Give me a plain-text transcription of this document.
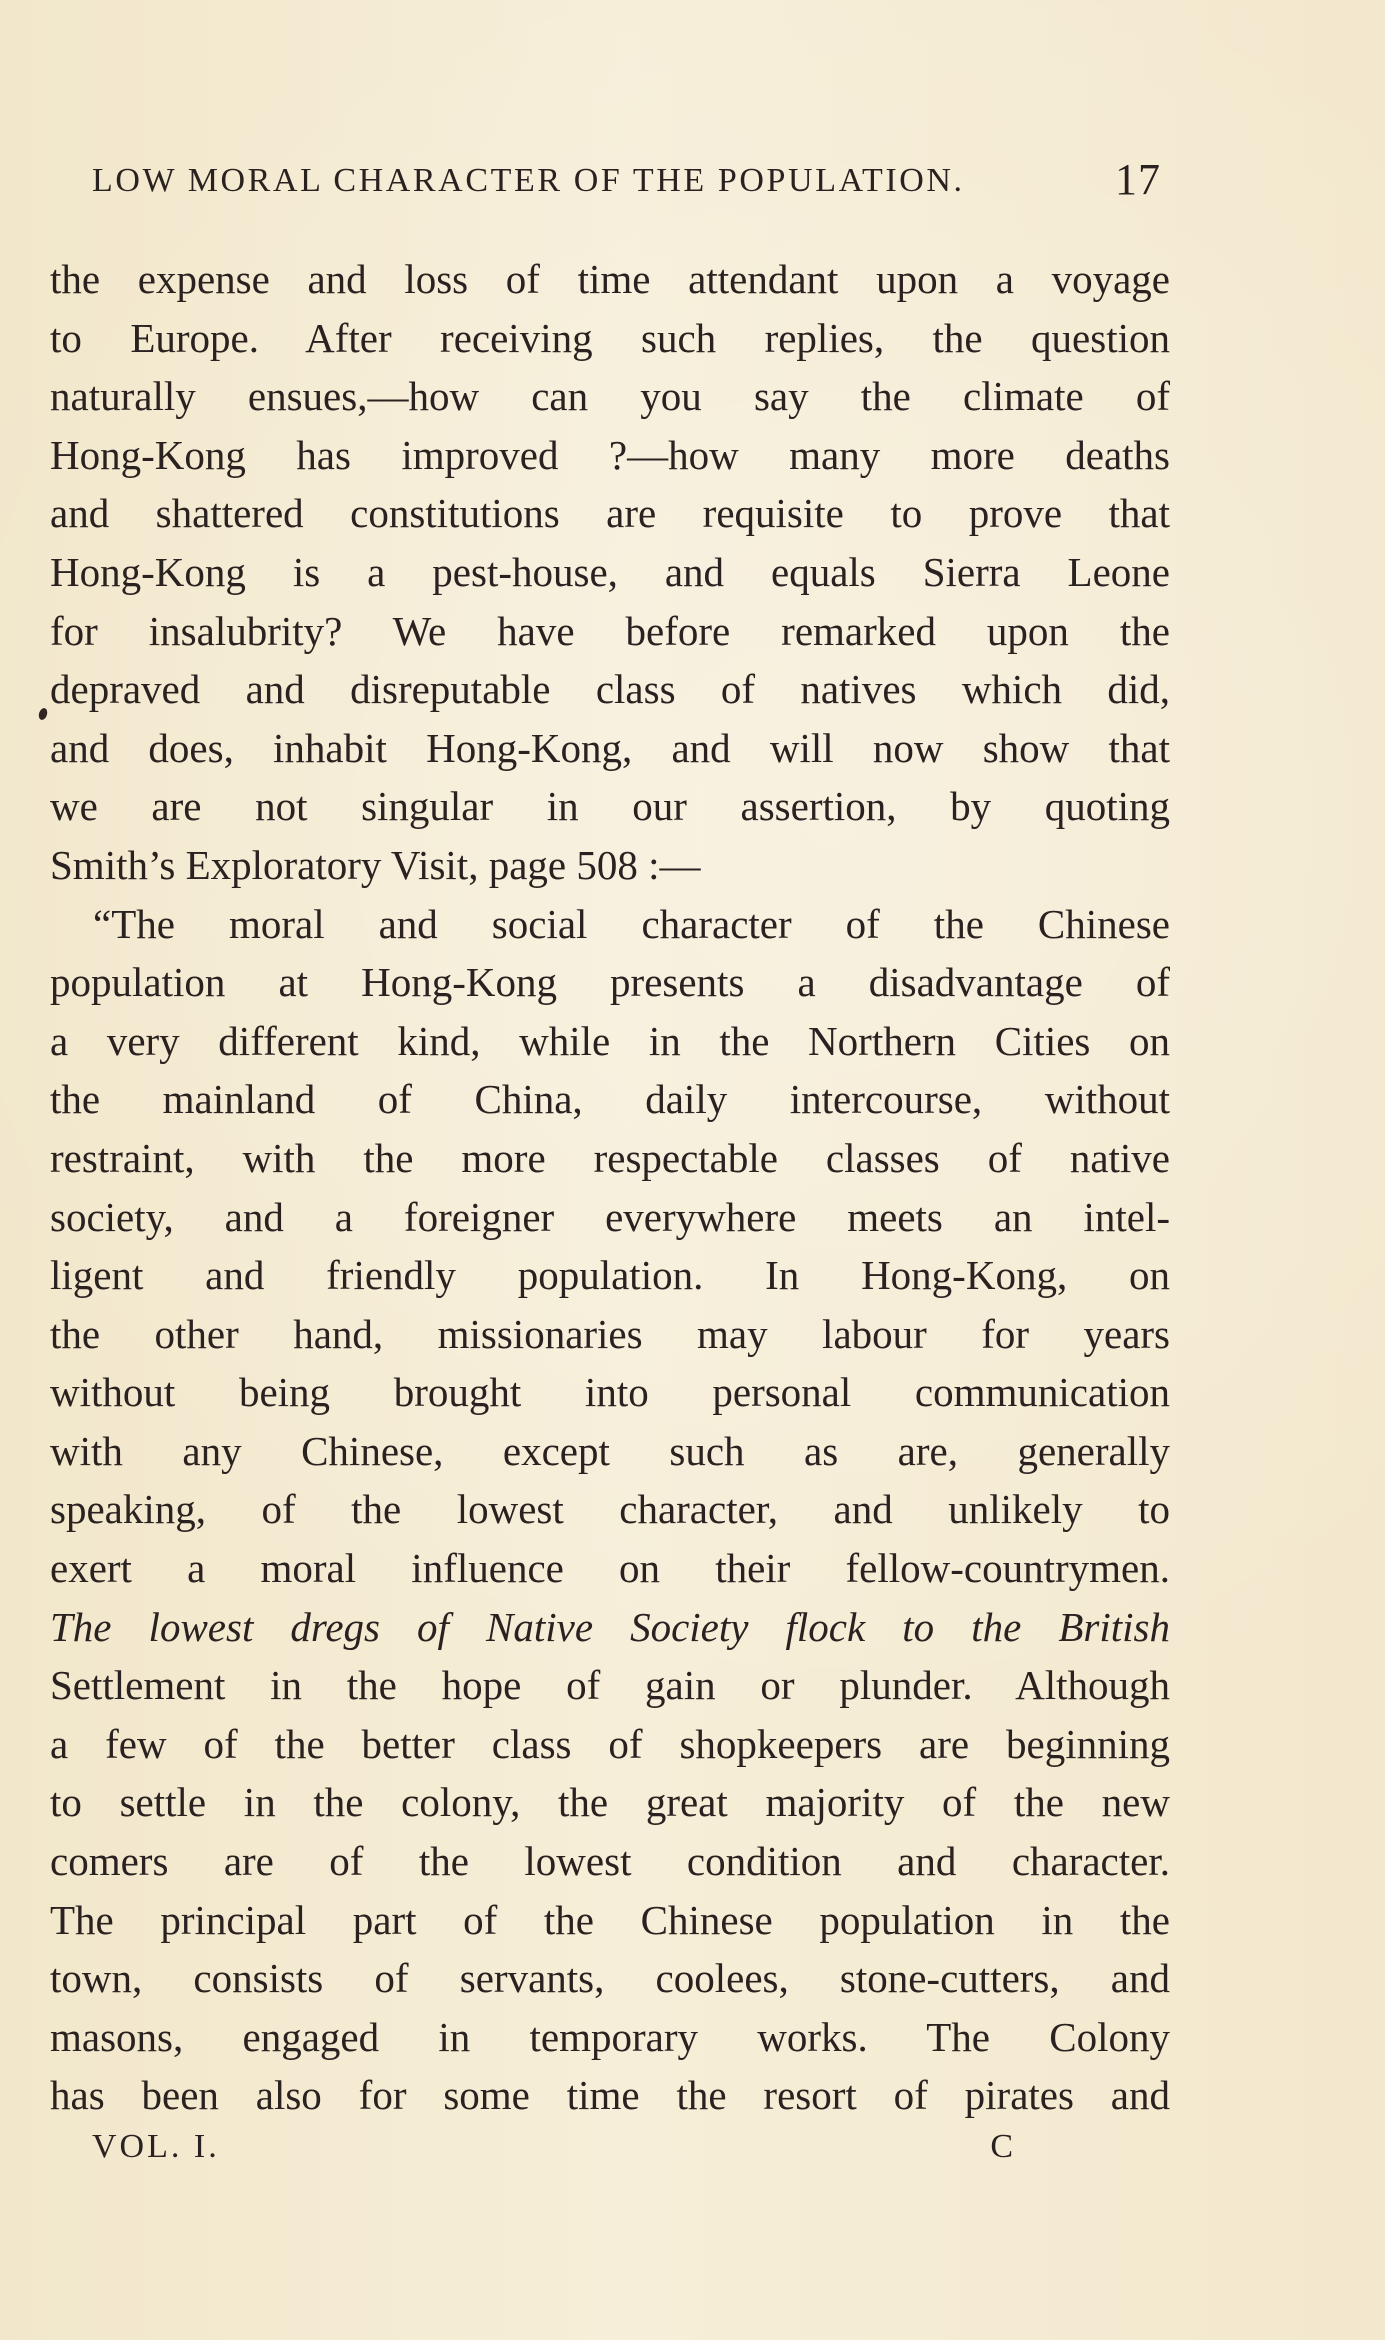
LOW MORAL CHARACTER OF THE POPULATION.	17
the expense and loss of time attendant upon a voyage
to Europe. After receiving such replies, the question
naturally ensues,—how can you say the climate of
Hong-Kong has improved ?—how many more deaths
and shattered constitutions are requisite to prove that
Hong-Kong is a pest-house, and equals Sierra Leone
for insalubrity? We have before remarked upon the
depraved and disreputable class of natives which did,
and does, inhabit Hong-Kong, and will now show that
we are not singular in our assertion, by quoting
Smith’s Exploratory Visit, page 508 :—
“The moral and social character of the Chinese
population at Hong-Kong presents a disadvantage of
a very different kind, while in the Northern Cities on
the mainland of China, daily intercourse, without
restraint, with the more respectable classes of native
society, and a foreigner everywhere meets an intel-
ligent and friendly population. In Hong-Kong, on
the other hand, missionaries may labour for years
without being brought into personal communication
with any Chinese, except such as are, generally
speaking, of the lowest character, and unlikely to
exert a moral influence on their fellow-countrymen.
The lowest dregs of Native Society flock to the British
Settlement in the hope of gain or plunder. Although
a few of the better class of shopkeepers are beginning
to settle in the colony, the great majority of the new
comers are of the lowest condition and character.
The principal part of the Chinese population in the
town, consists of servants, coolees, stone-cutters, and
masons, engaged in temporary works. The Colony
has been also for some time the resort of pirates and
VOL. I.	C
